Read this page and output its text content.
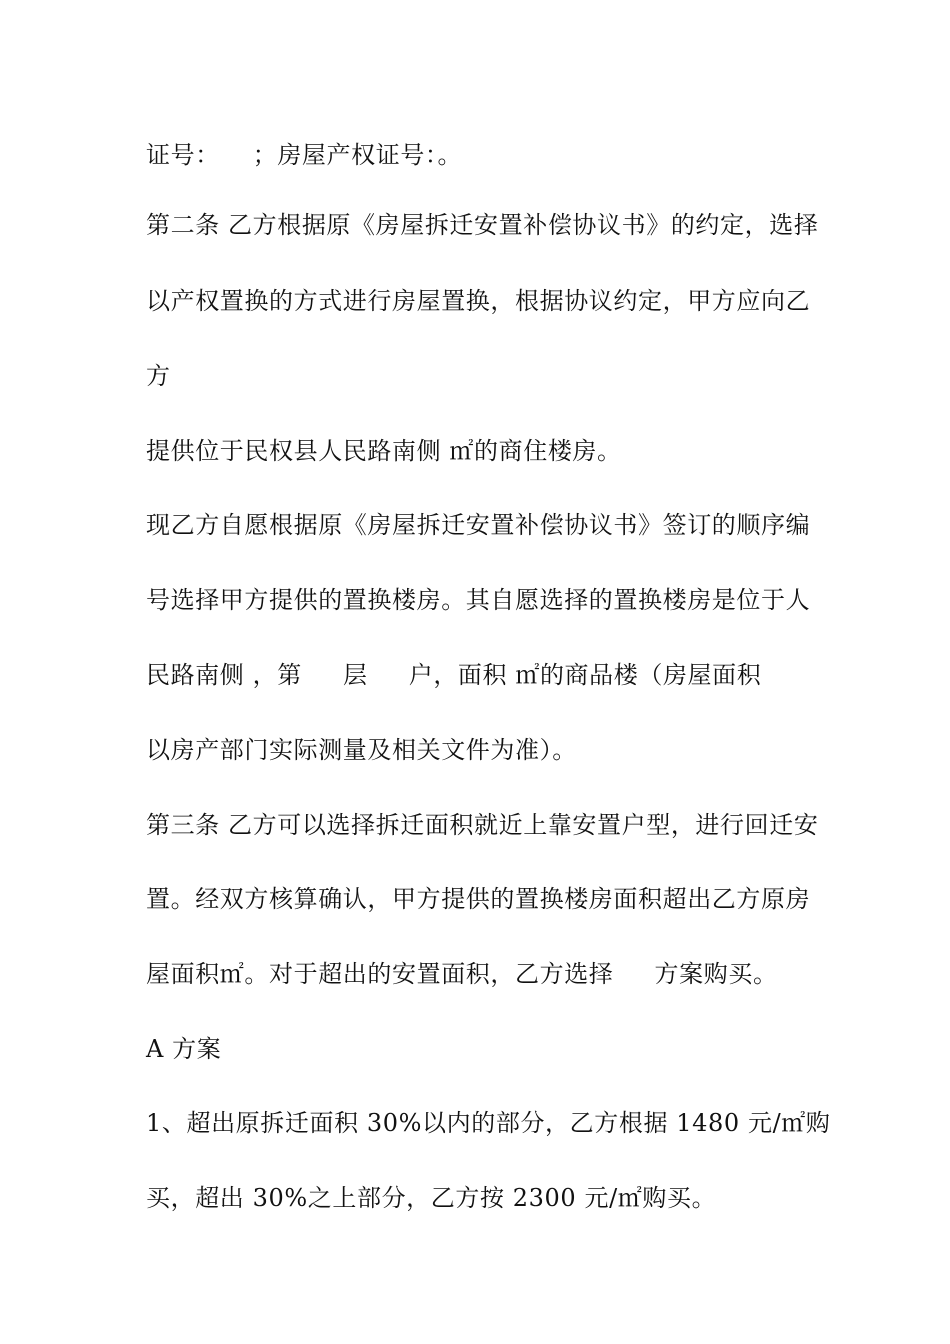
证号：    ；房屋产权证号：。
第二条 乙方根据原《房屋拆迁安置补偿协议书》的约定，选择
以产权置换的方式进行房屋置换，根据协议约定，甲方应向乙
方
提供位于民权县人民路南侧 ㎡的商住楼房。
现乙方自愿根据原《房屋拆迁安置补偿协议书》签订的顺序编
号选择甲方提供的置换楼房。其自愿选择的置换楼房是位于人
民路南侧 ，第     层     户，面积 ㎡的商品楼（房屋面积
以房产部门实际测量及相关文件为准）。
第三条 乙方可以选择拆迁面积就近上靠安置户型，进行回迁安
置。经双方核算确认，甲方提供的置换楼房面积超出乙方原房
屋面积㎡。对于超出的安置面积，乙方选择     方案购买。
A 方案
1、超出原拆迁面积 30%以内的部分，乙方根据 1480 元/㎡购
买，超出 30%之上部分，乙方按 2300 元/㎡购买。
